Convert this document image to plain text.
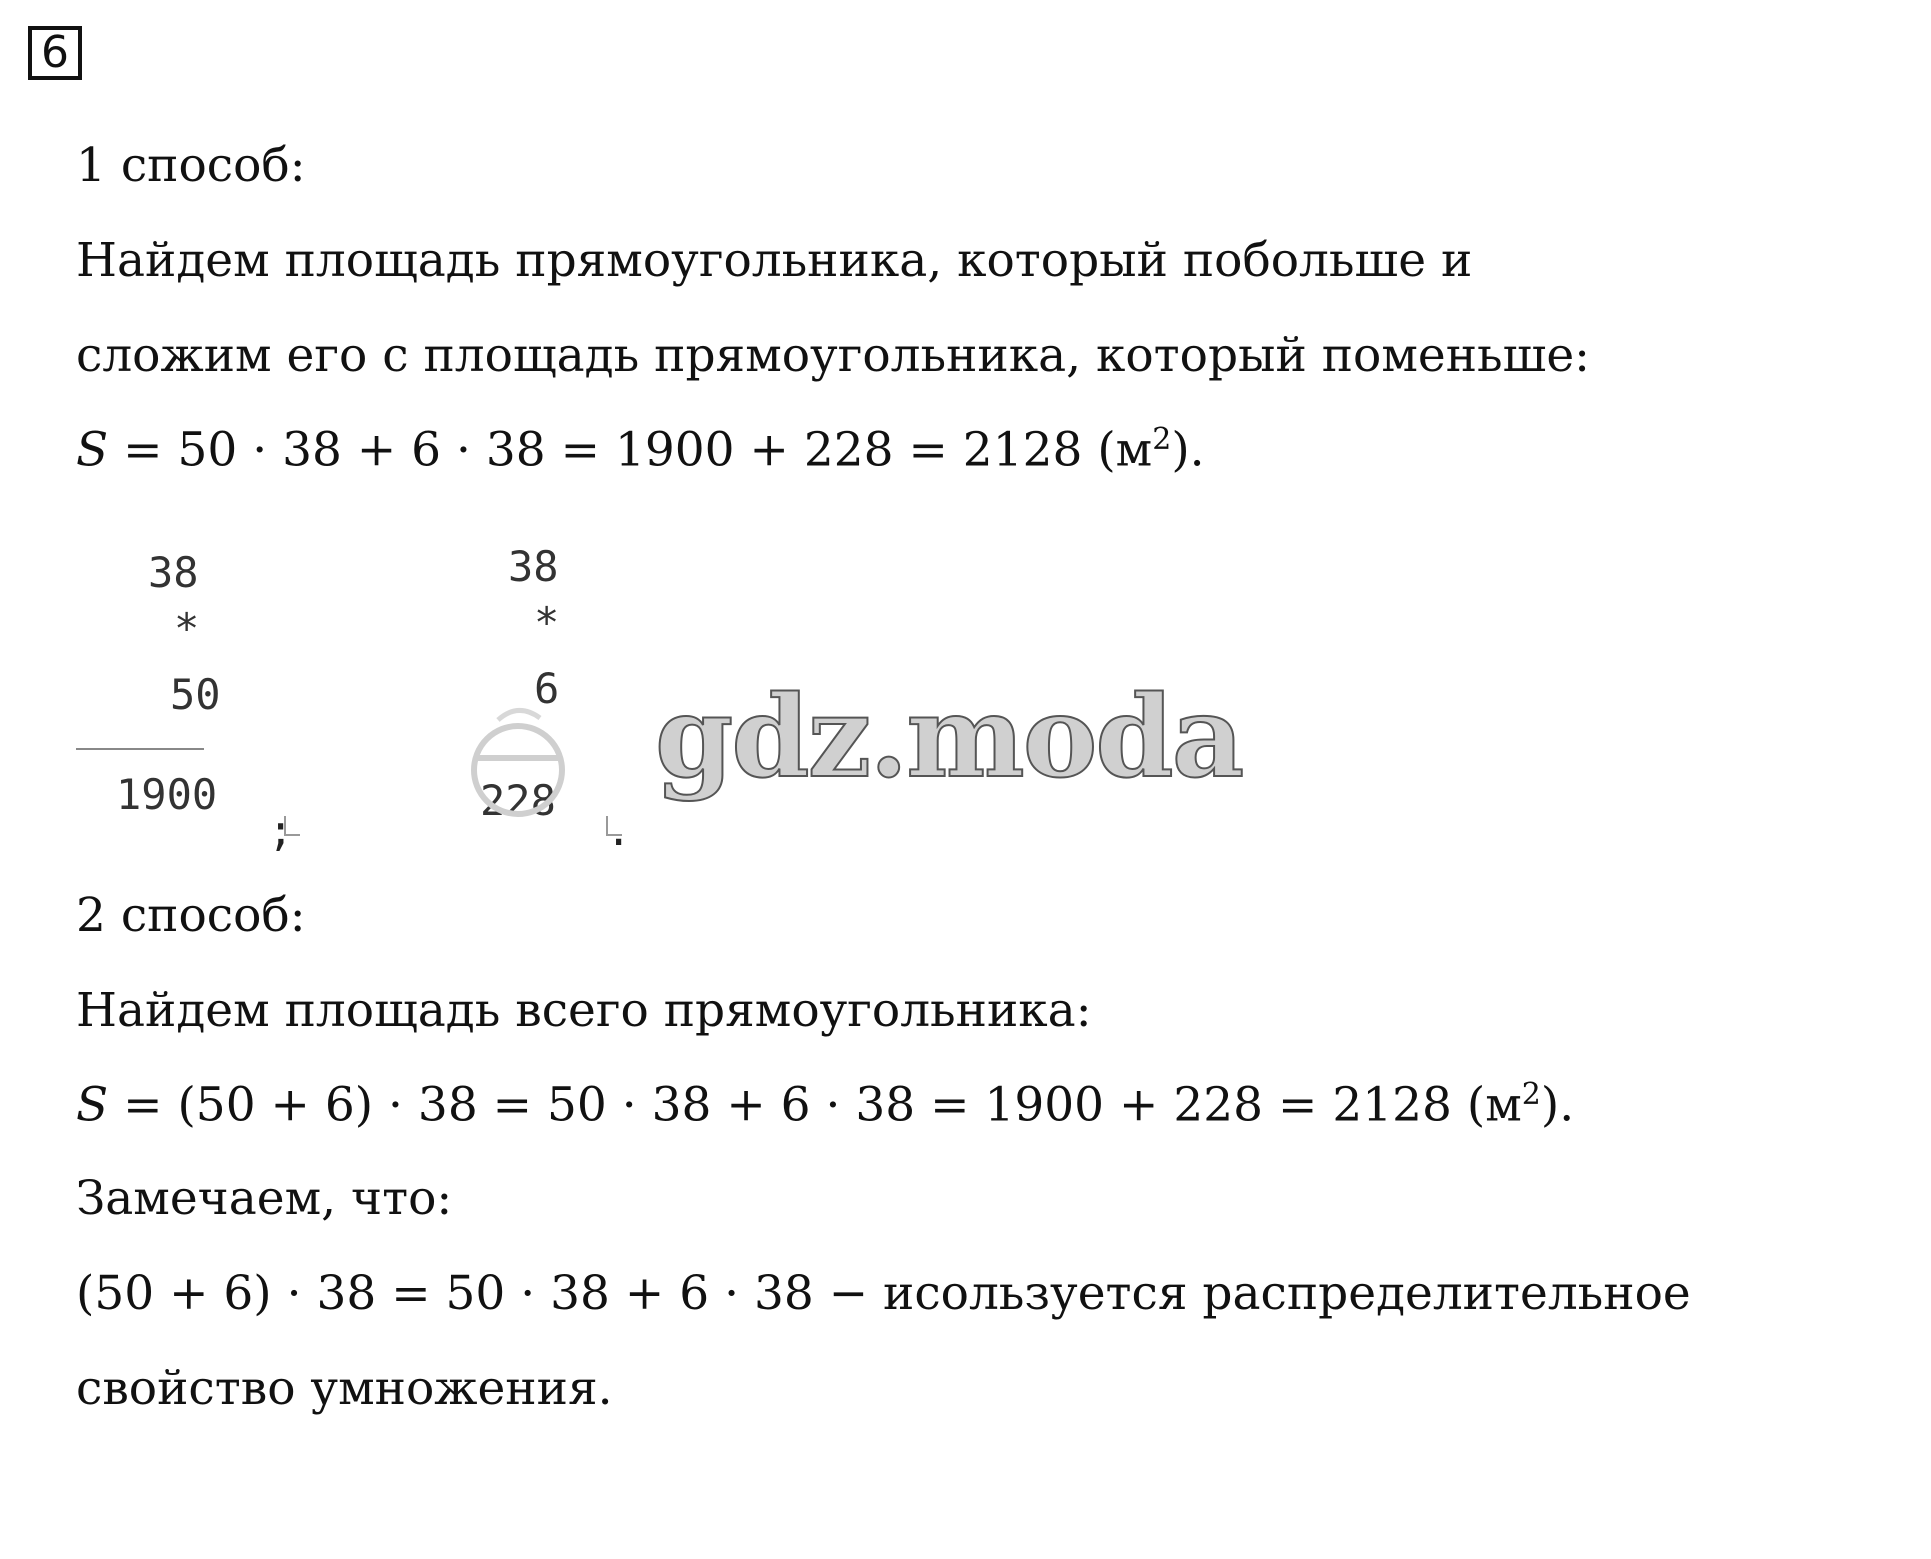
6
1 способ:
Найдем площадь прямоугольника, который побольше и
сложим его с площадь прямоугольника, который поменьше:
S = 50 · 38 + 6 · 38 = 1900 + 228 = 2128 $(м^2)$.
38
*
50
1900
;
38
*
6
228
.
gdz.moda
2 способ:
Найдем площадь всего прямоугольника:
S = (50 + 6) · 38 = 50 · 38 + 6 · 38 = 1900 + 228 = 2128 $(м^2)$.
Замечаем, что:
(50 + 6) · 38 = 50 · 38 + 6 · 38 − исользуется распределительное
свойство умножения.
